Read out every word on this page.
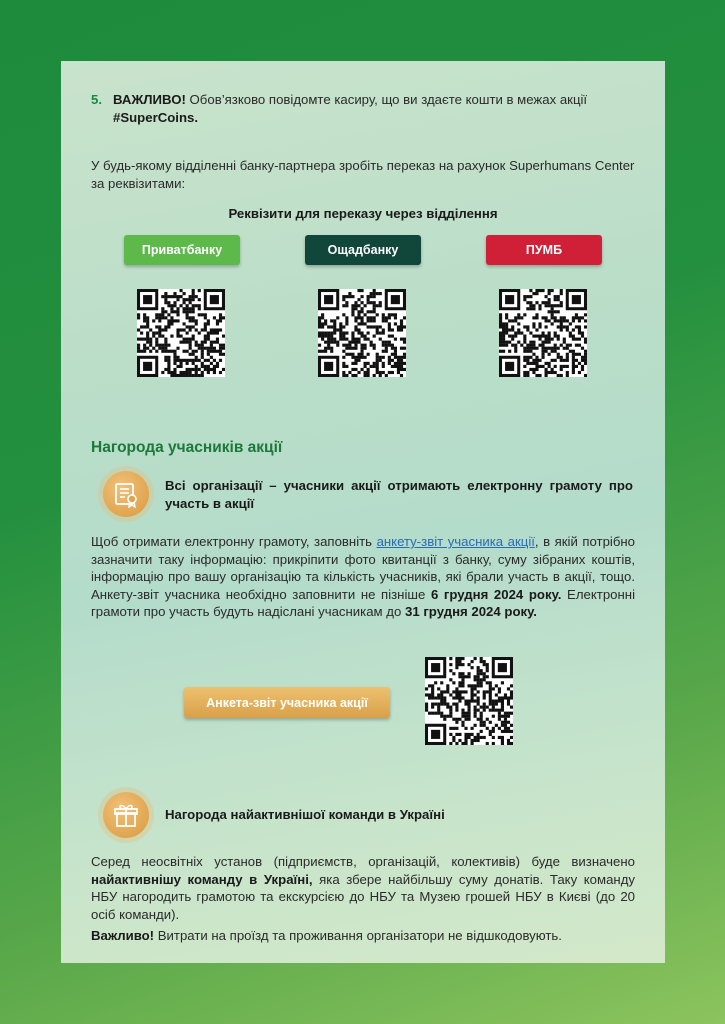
5. ВАЖЛИВО! Обов’язково повідомте касиру, що ви здаєте кошти в межах акції
#SuperCoins.
У будь-якому відділенні банку-партнера зробіть переказ на рахунок Superhumans Center за реквізитами:
Реквізити для переказу через відділення
Приватбанку	Ощадбанку	ПУМБ
Нагорода учасників акції
Всі організації – учасники акції отримають електронну грамоту про участь в акції
Щоб отримати електронну грамоту, заповніть анкету-звіт учасника акції, в якій потрібно зазначити таку інформацію: прикріпити фото квитанції з банку, суму зібраних коштів, інформацію про вашу організацію та кількість учасників, які брали участь в акції, тощо. Анкету-звіт учасника необхідно заповнити не пізніше 6 грудня 2024 року. Електронні грамоти про участь будуть надіслані учасникам до 31 грудня 2024 року.
Анкета-звіт учасника акції
Нагорода найактивнішої команди в Україні
Серед неосвітніх установ (підприємств, організацій, колективів) буде визначено найактивнішу команду в Україні, яка збере найбільшу суму донатів. Таку команду НБУ нагородить грамотою та екскурсією до НБУ та Музею грошей НБУ в Києві (до 20 осіб команди).
Важливо! Витрати на проїзд та проживання організатори не відшкодовують.
